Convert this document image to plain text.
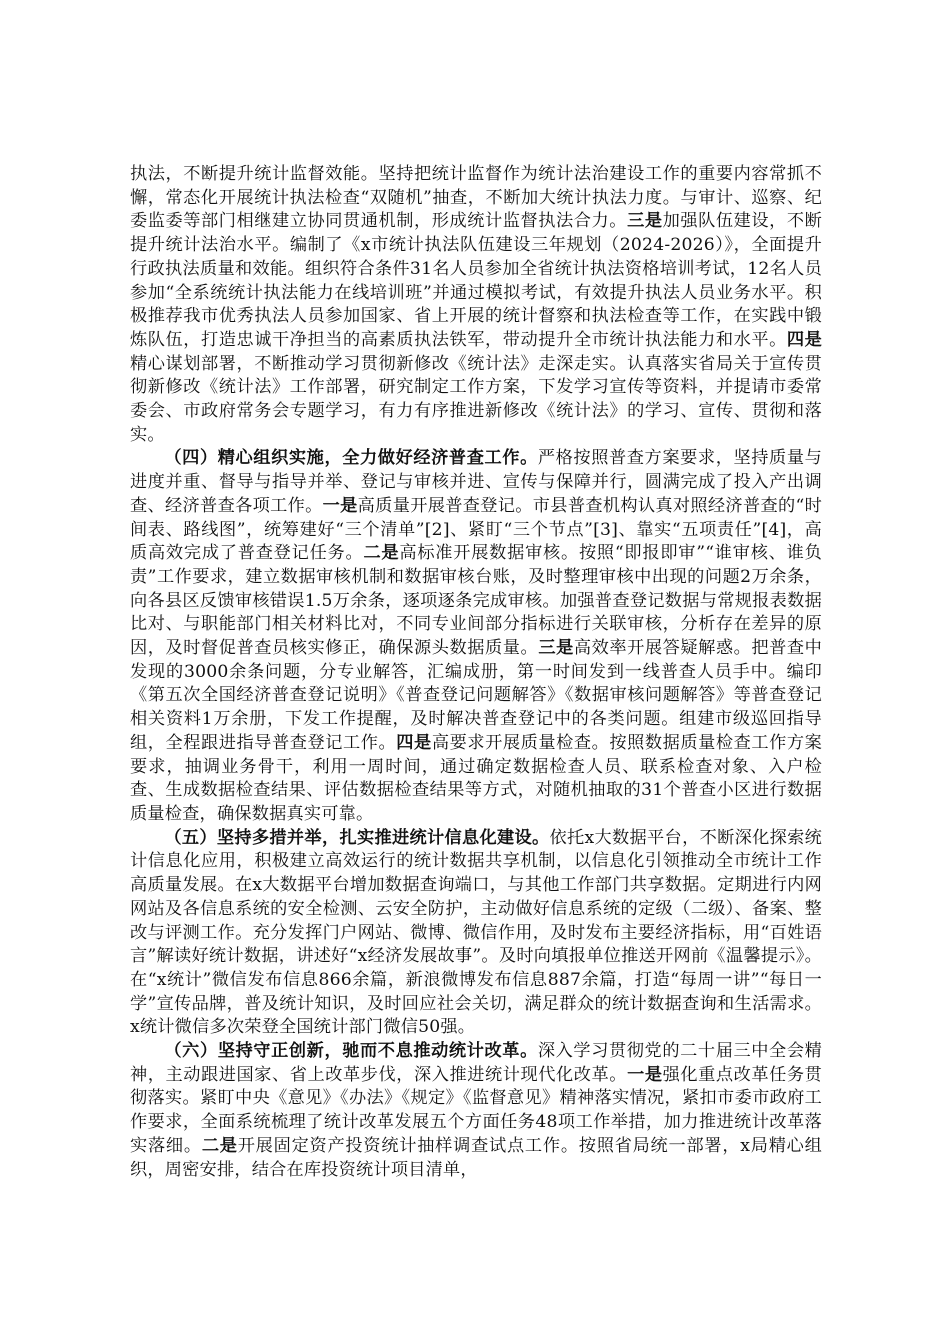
执法，不断提升统计监督效能。坚持把统计监督作为统计法治建设工作的重要内容常抓不懈，常态化开展统计执法检查“双随机”抽查，不断加大统计执法力度。与审计、巡察、纪委监委等部门相继建立协同贯通机制，形成统计监督执法合力。三是加强队伍建设，不断提升统计法治水平。编制了《x市统计执法队伍建设三年规划（2024-2026）》，全面提升行政执法质量和效能。组织符合条件31名人员参加全省统计执法资格培训考试，12名人员参加“全系统统计执法能力在线培训班”并通过模拟考试，有效提升执法人员业务水平。积极推荐我市优秀执法人员参加国家、省上开展的统计督察和执法检查等工作，在实践中锻炼队伍，打造忠诚干净担当的高素质执法铁军，带动提升全市统计执法能力和水平。四是精心谋划部署，不断推动学习贯彻新修改《统计法》走深走实。认真落实省局关于宣传贯彻新修改《统计法》工作部署，研究制定工作方案，下发学习宣传等资料，并提请市委常委会、市政府常务会专题学习，有力有序推进新修改《统计法》的学习、宣传、贯彻和落实。

（四）精心组织实施，全力做好经济普查工作。严格按照普查方案要求，坚持质量与进度并重、督导与指导并举、登记与审核并进、宣传与保障并行，圆满完成了投入产出调查、经济普查各项工作。一是高质量开展普查登记。市县普查机构认真对照经济普查的“时间表、路线图”，统筹建好“三个清单”[2]、紧盯“三个节点”[3]、靠实“五项责任”[4]，高质高效完成了普查登记任务。二是高标准开展数据审核。按照“即报即审”“谁审核、谁负责”工作要求，建立数据审核机制和数据审核台账，及时整理审核中出现的问题2万余条，向各县区反馈审核错误1.5万余条，逐项逐条完成审核。加强普查登记数据与常规报表数据比对、与职能部门相关材料比对，不同专业间部分指标进行关联审核，分析存在差异的原因，及时督促普查员核实修正，确保源头数据质量。三是高效率开展答疑解惑。把普查中发现的3000余条问题，分专业解答，汇编成册，第一时间发到一线普查人员手中。编印《第五次全国经济普查登记说明》《普查登记问题解答》《数据审核问题解答》等普查登记相关资料1万余册，下发工作提醒，及时解决普查登记中的各类问题。组建市级巡回指导组，全程跟进指导普查登记工作。四是高要求开展质量检查。按照数据质量检查工作方案要求，抽调业务骨干，利用一周时间，通过确定数据检查人员、联系检查对象、入户检查、生成数据检查结果、评估数据检查结果等方式，对随机抽取的31个普查小区进行数据质量检查，确保数据真实可靠。

（五）坚持多措并举，扎实推进统计信息化建设。依托x大数据平台，不断深化探索统计信息化应用，积极建立高效运行的统计数据共享机制，以信息化引领推动全市统计工作高质量发展。在x大数据平台增加数据查询端口，与其他工作部门共享数据。定期进行内网网站及各信息系统的安全检测、云安全防护，主动做好信息系统的定级（二级）、备案、整改与评测工作。充分发挥门户网站、微博、微信作用，及时发布主要经济指标，用“百姓语言”解读好统计数据，讲述好“x经济发展故事”。及时向填报单位推送开网前《温馨提示》。在“x统计”微信发布信息866余篇，新浪微博发布信息887余篇，打造“每周一讲”“每日一学”宣传品牌，普及统计知识，及时回应社会关切，满足群众的统计数据查询和生活需求。x统计微信多次荣登全国统计部门微信50强。

（六）坚持守正创新，驰而不息推动统计改革。深入学习贯彻党的二十届三中全会精神，主动跟进国家、省上改革步伐，深入推进统计现代化改革。一是强化重点改革任务贯彻落实。紧盯中央《意见》《办法》《规定》《监督意见》精神落实情况，紧扣市委市政府工作要求，全面系统梳理了统计改革发展五个方面任务48项工作举措，加力推进统计改革落实落细。二是开展固定资产投资统计抽样调查试点工作。按照省局统一部署，x局精心组织，周密安排，结合在库投资统计项目清单，
